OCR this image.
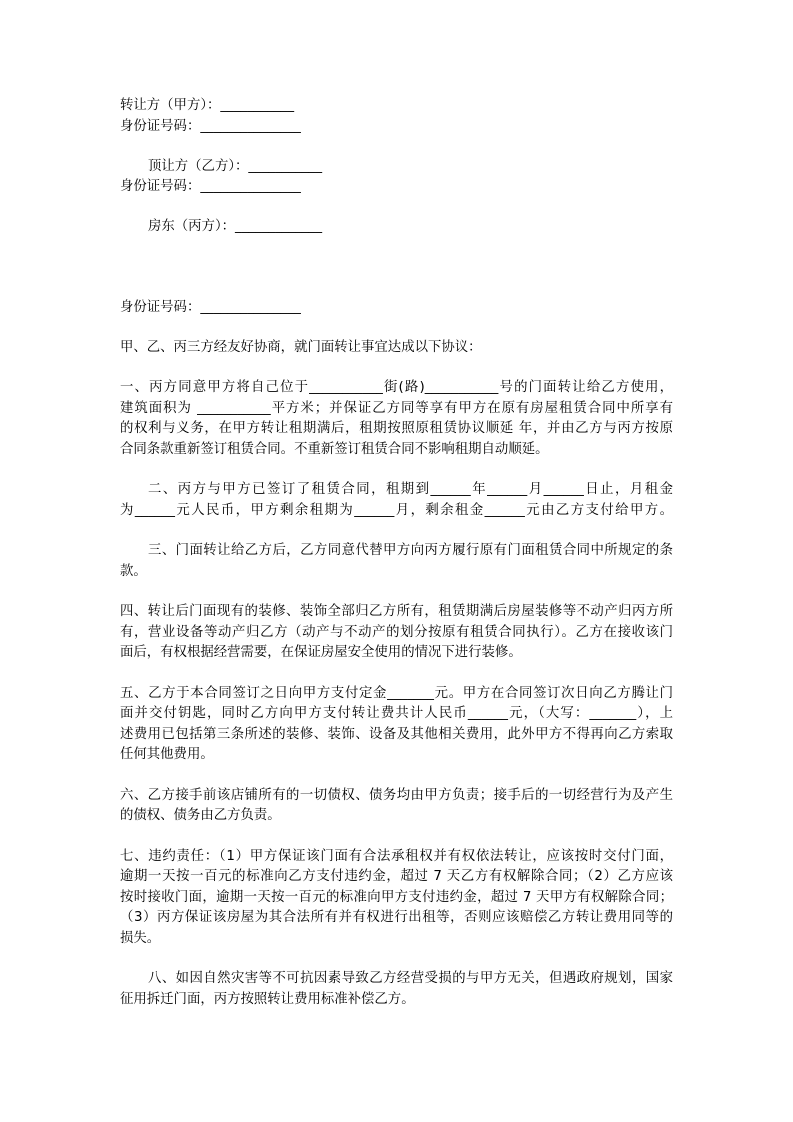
转让方（甲方）：___________
身份证号码：_______________
顶让方（乙方）：___________
身份证号码：_______________
房东（丙方）：_____________
身份证号码：_______________
甲、乙、丙三方经友好协商，就门面转让事宜达成以下协议：
一、丙方同意甲方将自己位于___________街(路)___________号的门面转让给乙方使用，
建筑面积为 ___________平方米；并保证乙方同等享有甲方在原有房屋租赁合同中所享有
的权利与义务，在甲方转让租期满后，租期按照原租赁协议顺延 年，并由乙方与丙方按原
合同条款重新签订租赁合同。不重新签订租赁合同不影响租期自动顺延。
二、丙方与甲方已签订了租赁合同，租期到______年______月______日止，月租金
为______元人民币，甲方剩余租期为______月，剩余租金______元由乙方支付给甲方。
三、门面转让给乙方后，乙方同意代替甲方向丙方履行原有门面租赁合同中所规定的条
款。
四、转让后门面现有的装修、装饰全部归乙方所有，租赁期满后房屋装修等不动产归丙方所
有，营业设备等动产归乙方（动产与不动产的划分按原有租赁合同执行）。乙方在接收该门
面后，有权根据经营需要，在保证房屋安全使用的情况下进行装修。
五、乙方于本合同签订之日向甲方支付定金_______元。甲方在合同签订次日向乙方腾让门
面并交付钥匙，同时乙方向甲方支付转让费共计人民币______元，（大写：_______），上
述费用已包括第三条所述的装修、装饰、设备及其他相关费用，此外甲方不得再向乙方索取
任何其他费用。
六、乙方接手前该店铺所有的一切债权、债务均由甲方负责；接手后的一切经营行为及产生
的债权、债务由乙方负责。
七、违约责任：（1）甲方保证该门面有合法承租权并有权依法转让，应该按时交付门面，
逾期一天按一百元的标准向乙方支付违约金，超过 7 天乙方有权解除合同；（2）乙方应该
按时接收门面，逾期一天按一百元的标准向甲方支付违约金，超过 7 天甲方有权解除合同；
（3）丙方保证该房屋为其合法所有并有权进行出租等，否则应该赔偿乙方转让费用同等的
损失。
八、如因自然灾害等不可抗因素导致乙方经营受损的与甲方无关，但遇政府规划，国家
征用拆迁门面，丙方按照转让费用标准补偿乙方。
